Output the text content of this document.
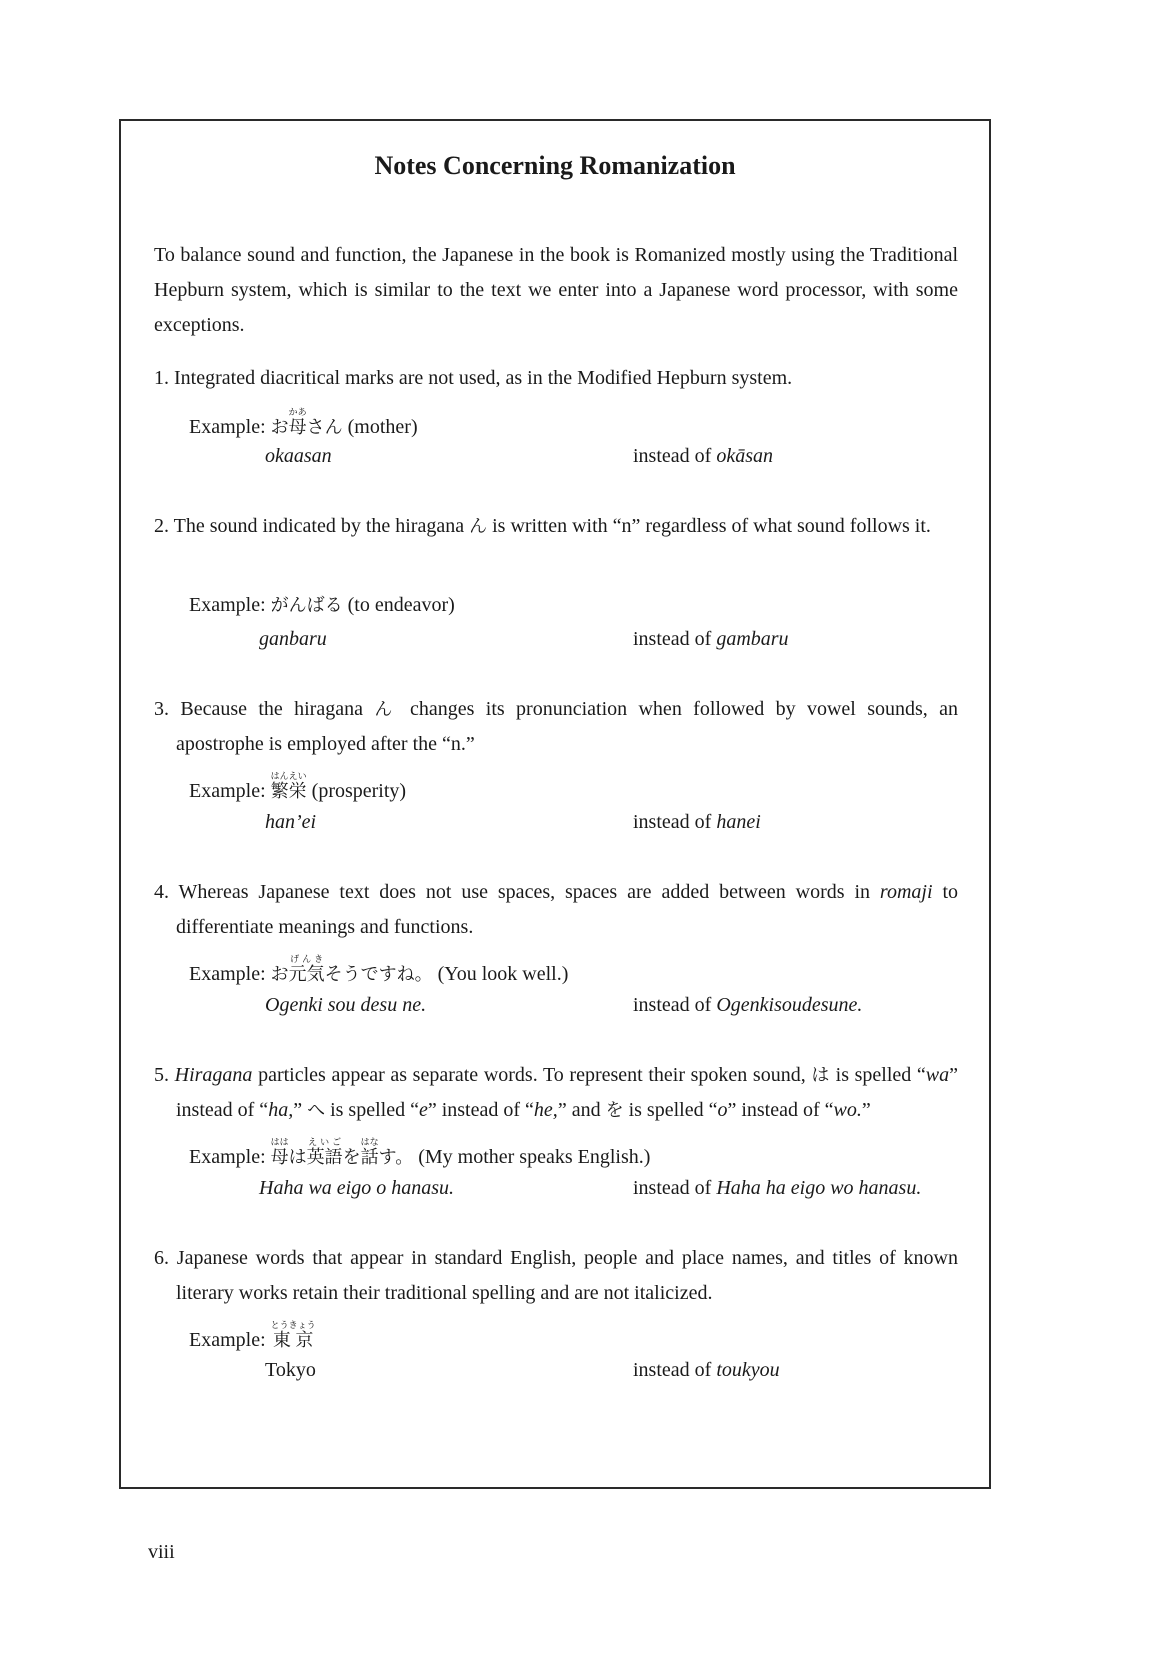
Notes Concerning Romanization

To balance sound and function, the Japanese in the book is Romanized mostly using the Traditional Hepburn system, which is similar to the text we enter into a Japanese word processor, with some exceptions.

1. Integrated diacritical marks are not used, as in the Modified Hepburn system.

Example: お母かあさん (mother)
okaasan	instead of okāsan

2. The sound indicated by the hiragana ん is written with “n” regardless of what sound follows it.

Example: がんばる (to endeavor)
ganbaru	instead of gambaru

3. Because the hiragana ん changes its pronunciation when followed by vowel sounds, an apostrophe is employed after the “n.”

Example: 繁栄はんえい (prosperity)
han’ei	instead of hanei

4. Whereas Japanese text does not use spaces, spaces are added between words in romaji to differentiate meanings and functions.

Example: お元気げんきそうですね。 (You look well.)
Ogenki sou desu ne.	instead of Ogenkisoudesune.

5. Hiragana particles appear as separate words. To represent their spoken sound, は is spelled “wa” instead of “ha,” へ is spelled “e” instead of “he,” and を is spelled “o” instead of “wo.”

Example: 母ははは英語えいごを話はなす。 (My mother speaks English.)
Haha wa eigo o hanasu.	instead of Haha ha eigo wo hanasu.

6. Japanese words that appear in standard English, people and place names, and titles of known literary works retain their traditional spelling and are not italicized.

Example: 東京とうきょう
Tokyo	instead of toukyou
viii
